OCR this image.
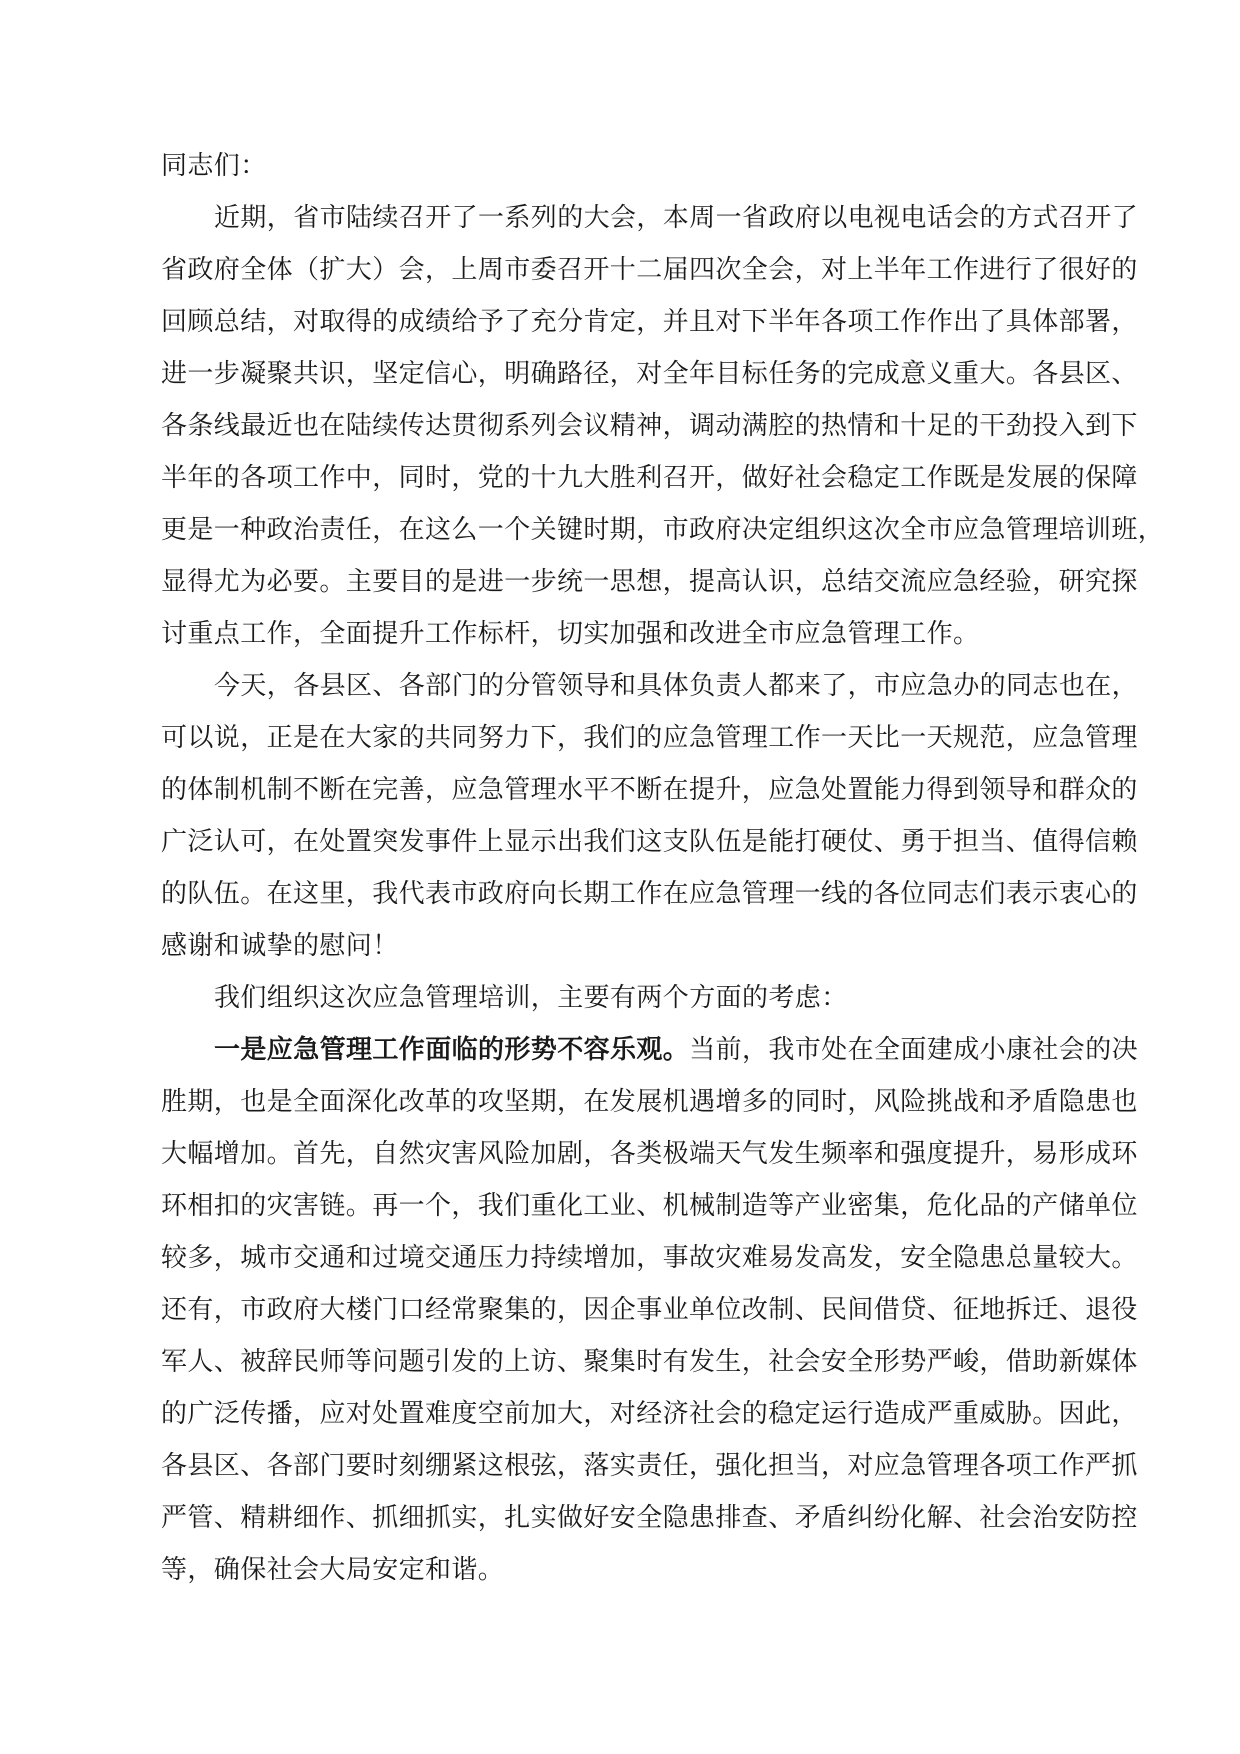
同志们：
近期，省市陆续召开了一系列的大会，本周一省政府以电视电话会的方式召开了
省政府全体（扩大）会，上周市委召开十二届四次全会，对上半年工作进行了很好的
回顾总结，对取得的成绩给予了充分肯定，并且对下半年各项工作作出了具体部署，
进一步凝聚共识，坚定信心，明确路径，对全年目标任务的完成意义重大。各县区、
各条线最近也在陆续传达贯彻系列会议精神，调动满腔的热情和十足的干劲投入到下
半年的各项工作中，同时，党的十九大胜利召开，做好社会稳定工作既是发展的保障
更是一种政治责任，在这么一个关键时期，市政府决定组织这次全市应急管理培训班，
显得尤为必要。主要目的是进一步统一思想，提高认识，总结交流应急经验，研究探
讨重点工作，全面提升工作标杆，切实加强和改进全市应急管理工作。
今天，各县区、各部门的分管领导和具体负责人都来了，市应急办的同志也在，
可以说，正是在大家的共同努力下，我们的应急管理工作一天比一天规范，应急管理
的体制机制不断在完善，应急管理水平不断在提升，应急处置能力得到领导和群众的
广泛认可，在处置突发事件上显示出我们这支队伍是能打硬仗、勇于担当、值得信赖
的队伍。在这里，我代表市政府向长期工作在应急管理一线的各位同志们表示衷心的
感谢和诚挚的慰问！
我们组织这次应急管理培训，主要有两个方面的考虑：
一是应急管理工作面临的形势不容乐观。当前，我市处在全面建成小康社会的决
胜期，也是全面深化改革的攻坚期，在发展机遇增多的同时，风险挑战和矛盾隐患也
大幅增加。首先，自然灾害风险加剧，各类极端天气发生频率和强度提升，易形成环
环相扣的灾害链。再一个，我们重化工业、机械制造等产业密集，危化品的产储单位
较多，城市交通和过境交通压力持续增加，事故灾难易发高发，安全隐患总量较大。
还有，市政府大楼门口经常聚集的，因企事业单位改制、民间借贷、征地拆迁、退役
军人、被辞民师等问题引发的上访、聚集时有发生，社会安全形势严峻，借助新媒体
的广泛传播，应对处置难度空前加大，对经济社会的稳定运行造成严重威胁。因此，
各县区、各部门要时刻绷紧这根弦，落实责任，强化担当，对应急管理各项工作严抓
严管、精耕细作、抓细抓实，扎实做好安全隐患排查、矛盾纠纷化解、社会治安防控
等，确保社会大局安定和谐。
